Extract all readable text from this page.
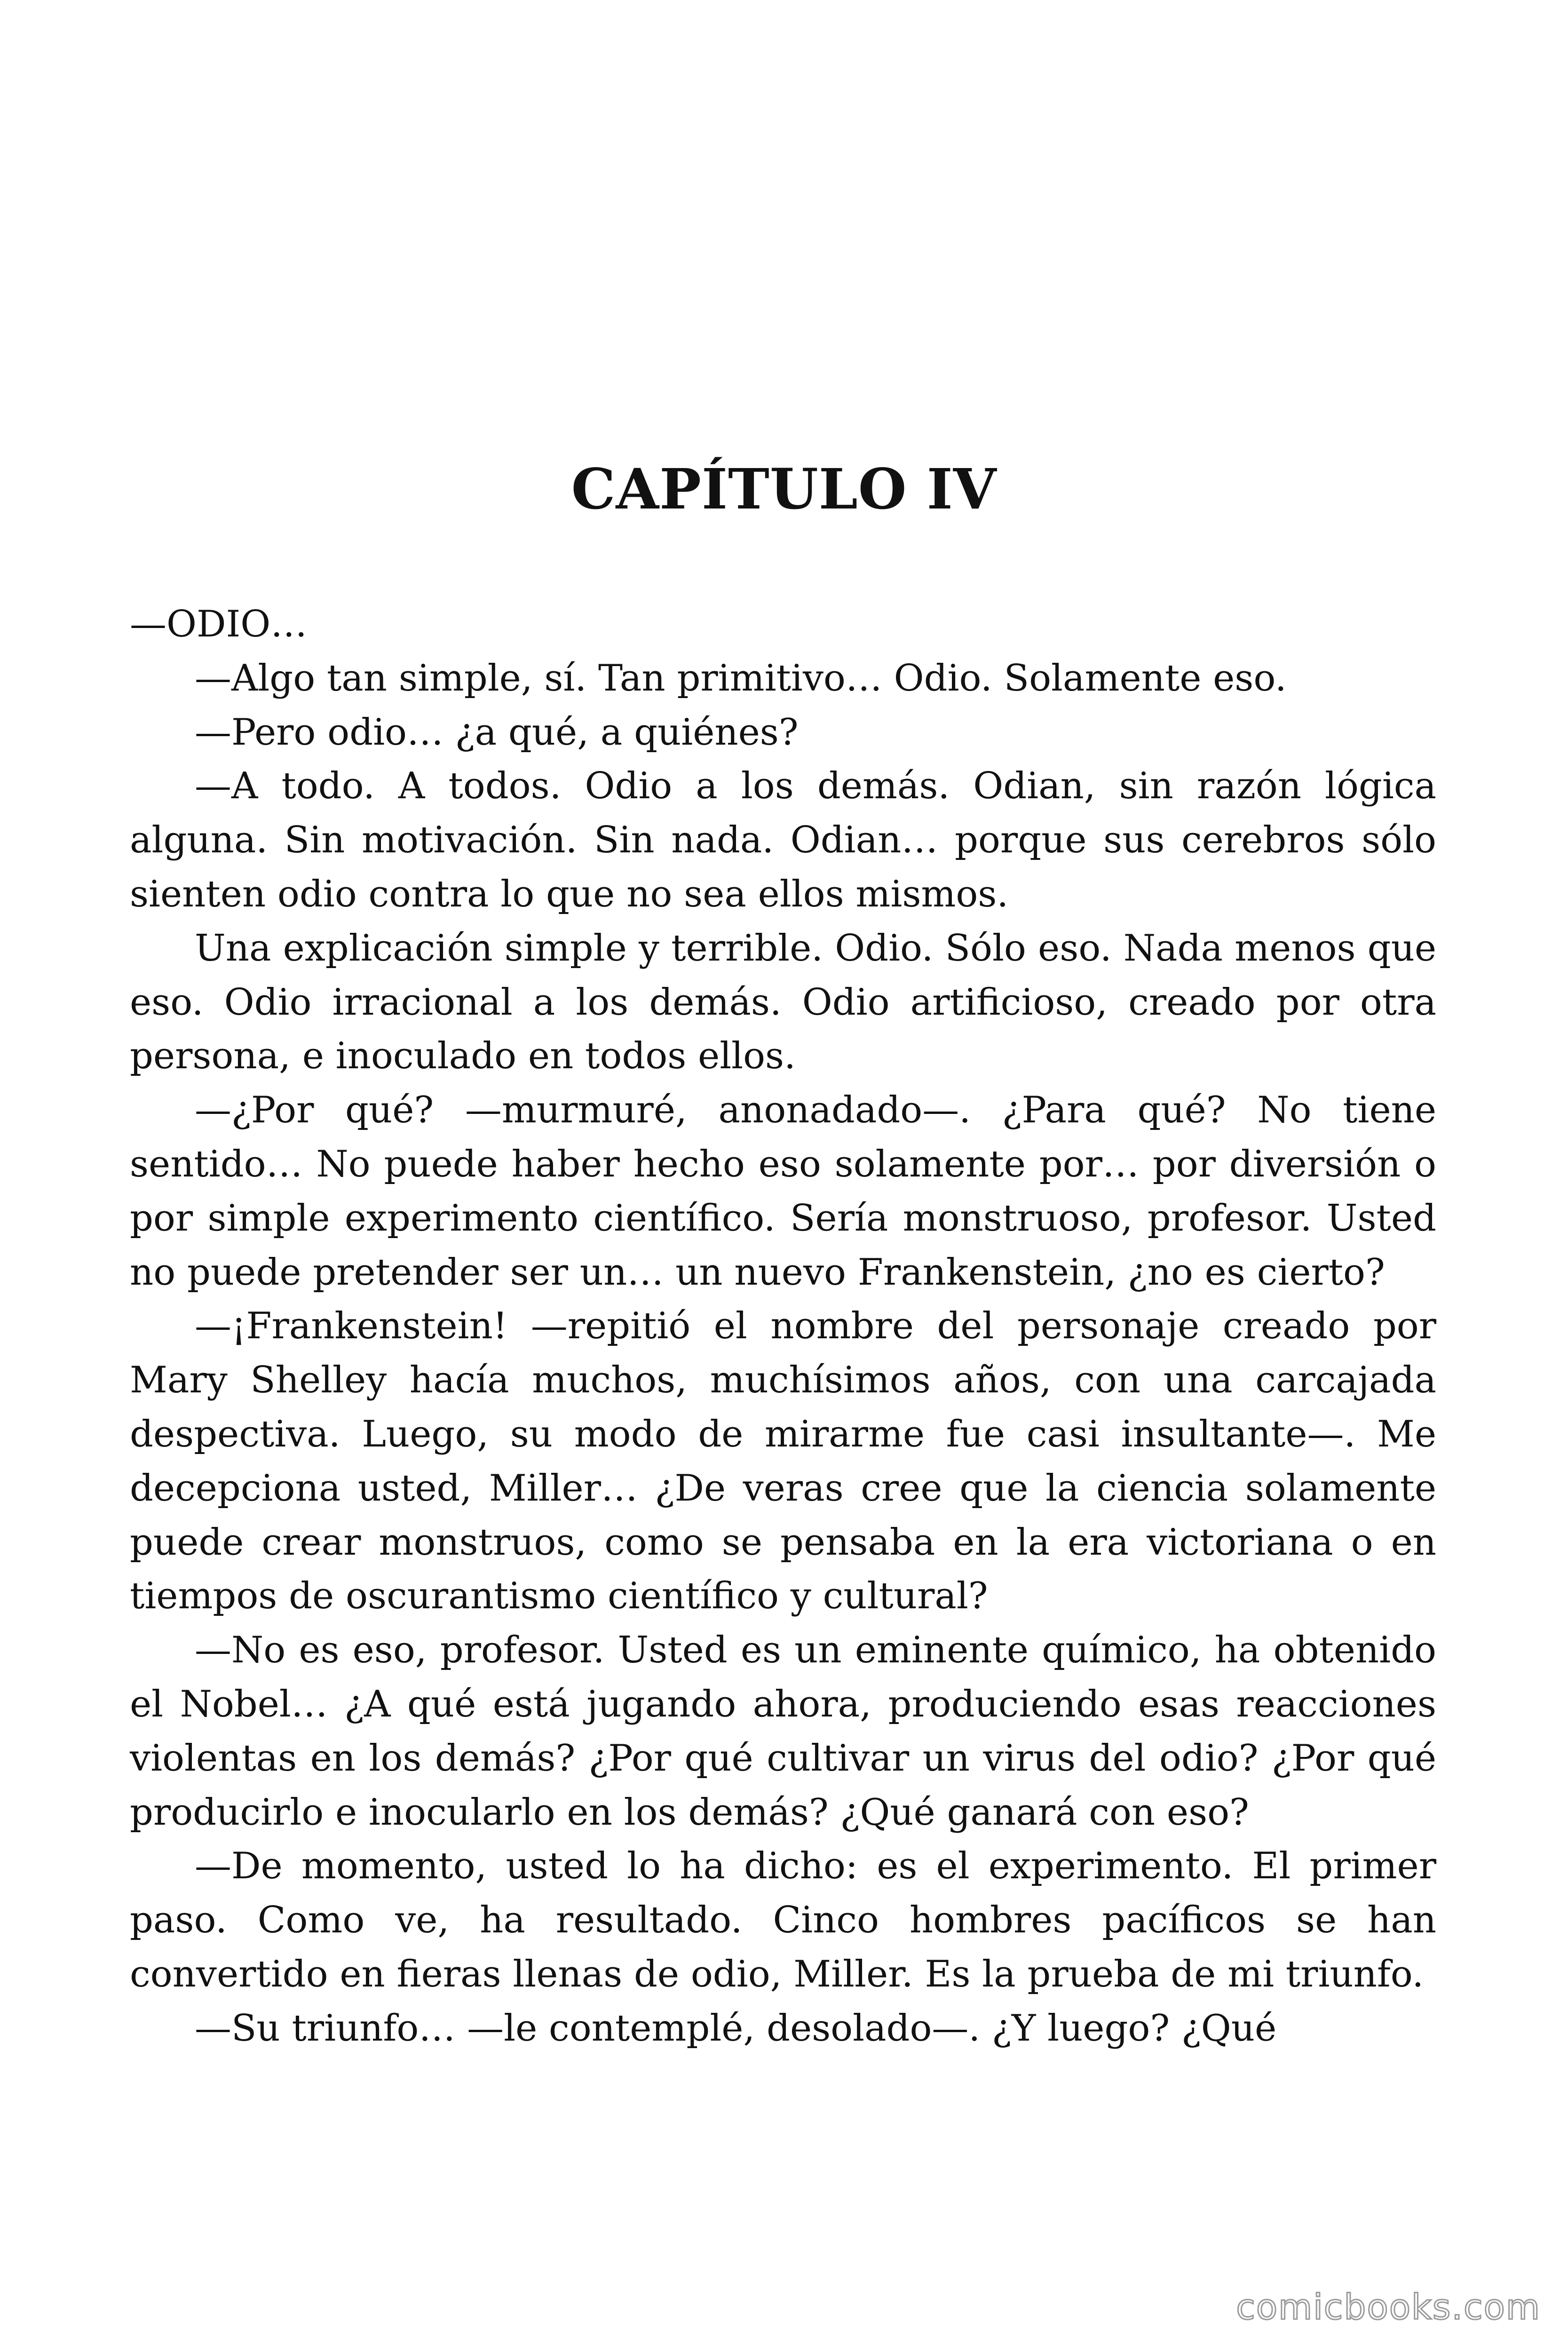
CAPÍTULO IV

—ODIO…

—Algo tan simple, sí. Tan primitivo… Odio. Solamente eso.

—Pero odio… ¿a qué, a quiénes?

—A todo. A todos. Odio a los demás. Odian, sin razón lógica alguna. Sin motivación. Sin nada. Odian… porque sus cerebros sólo sienten odio contra lo que no sea ellos mismos.

Una explicación simple y terrible. Odio. Sólo eso. Nada menos que eso. Odio irracional a los demás. Odio artificioso, creado por otra persona, e inoculado en todos ellos.

—¿Por qué? —murmuré, anonadado—. ¿Para qué? No tiene sentido… No puede haber hecho eso solamente por… por diversión o por simple experimento científico. Sería monstruoso, profesor. Usted no puede pretender ser un… un nuevo Frankenstein, ¿no es cierto?

—¡Frankenstein! —repitió el nombre del personaje creado por Mary Shelley hacía muchos, muchísimos años, con una carcajada despectiva. Luego, su modo de mirarme fue casi insultante—. Me decepciona usted, Miller… ¿De veras cree que la ciencia solamente puede crear monstruos, como se pensaba en la era victoriana o en tiempos de oscurantismo científico y cultural?

—No es eso, profesor. Usted es un eminente químico, ha obtenido el Nobel… ¿A qué está jugando ahora, produciendo esas reacciones violentas en los demás? ¿Por qué cultivar un virus del odio? ¿Por qué producirlo e inocularlo en los demás? ¿Qué ganará con eso?

—De momento, usted lo ha dicho: es el experimento. El primer paso. Como ve, ha resultado. Cinco hombres pacíficos se han convertido en fieras llenas de odio, Miller. Es la prueba de mi triunfo.

—Su triunfo… —le contemplé, desolado—. ¿Y luego? ¿Qué

comicbooks.com
